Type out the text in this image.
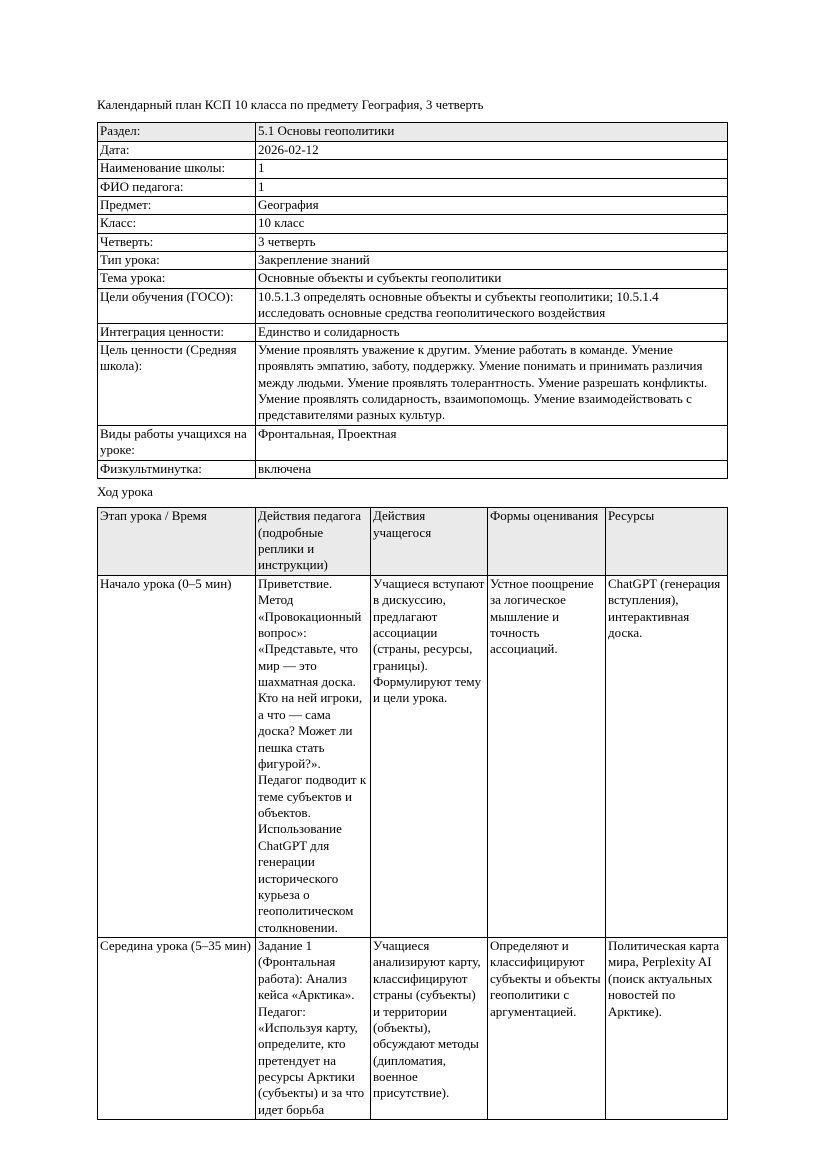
Календарный план КСП 10 класса по предмету География, 3 четверть

Раздел:	5.1 Основы геополитики
Дата:	2026-02-12
Наименование школы:	1
ФИО педагога:	1
Предмет:	Geография
Класс:	10 класс
Четверть:	3 четверть
Тип урока:	Закрепление знаний
Тема урока:	Основные объекты и субъекты геополитики
Цели обучения (ГОСО):	10.5.1.3 определять основные объекты и субъекты геополитики; 10.5.1.4 исследовать основные средства геополитического воздействия
Интеграция ценности:	Единство и солидарность
Цель ценности (Средняя школа):	Умение проявлять уважение к другим. Умение работать в команде. Умение проявлять эмпатию, заботу, поддержку. Умение понимать и принимать различия между людьми. Умение проявлять толерантность. Умение разрешать конфликты. Умение проявлять солидарность, взаимопомощь. Умение взаимодействовать с представителями разных культур.
Виды работы учащихся на уроке:	Фронтальная, Проектная
Физкультминутка:	включена

Ход урока

Этап урока / Время	Действия педагога (подробные реплики и инструкции)	Действия учащегося	Формы оценивания	Ресурсы
Начало урока (0–5 мин)	Приветствие. Метод «Провокационный вопрос»: «Представьте, что мир — это шахматная доска. Кто на ней игроки, а что — сама доска? Может ли пешка стать фигурой?». Педагог подводит к теме субъектов и объектов. Использование ChatGPT для генерации исторического курьеза о геополитическом столкновении.	Учащиеся вступают в дискуссию, предлагают ассоциации (страны, ресурсы, границы). Формулируют тему и цели урока.	Устное поощрение за логическое мышление и точность ассоциаций.	ChatGPT (генерация вступления), интерактивная доска.
Середина урока (5–35 мин)	Задание 1 (Фронтальная работа): Анализ кейса «Арктика». Педагог: «Используя карту, определите, кто претендует на ресурсы Арктики (субъекты) и за что идет борьба	Учащиеся анализируют карту, классифицируют страны (субъекты) и территории (объекты), обсуждают методы (дипломатия, военное присутствие).	Определяют и классифицируют субъекты и объекты геополитики с аргументацией.	Политическая карта мира, Perplexity AI (поиск актуальных новостей по Арктике).
